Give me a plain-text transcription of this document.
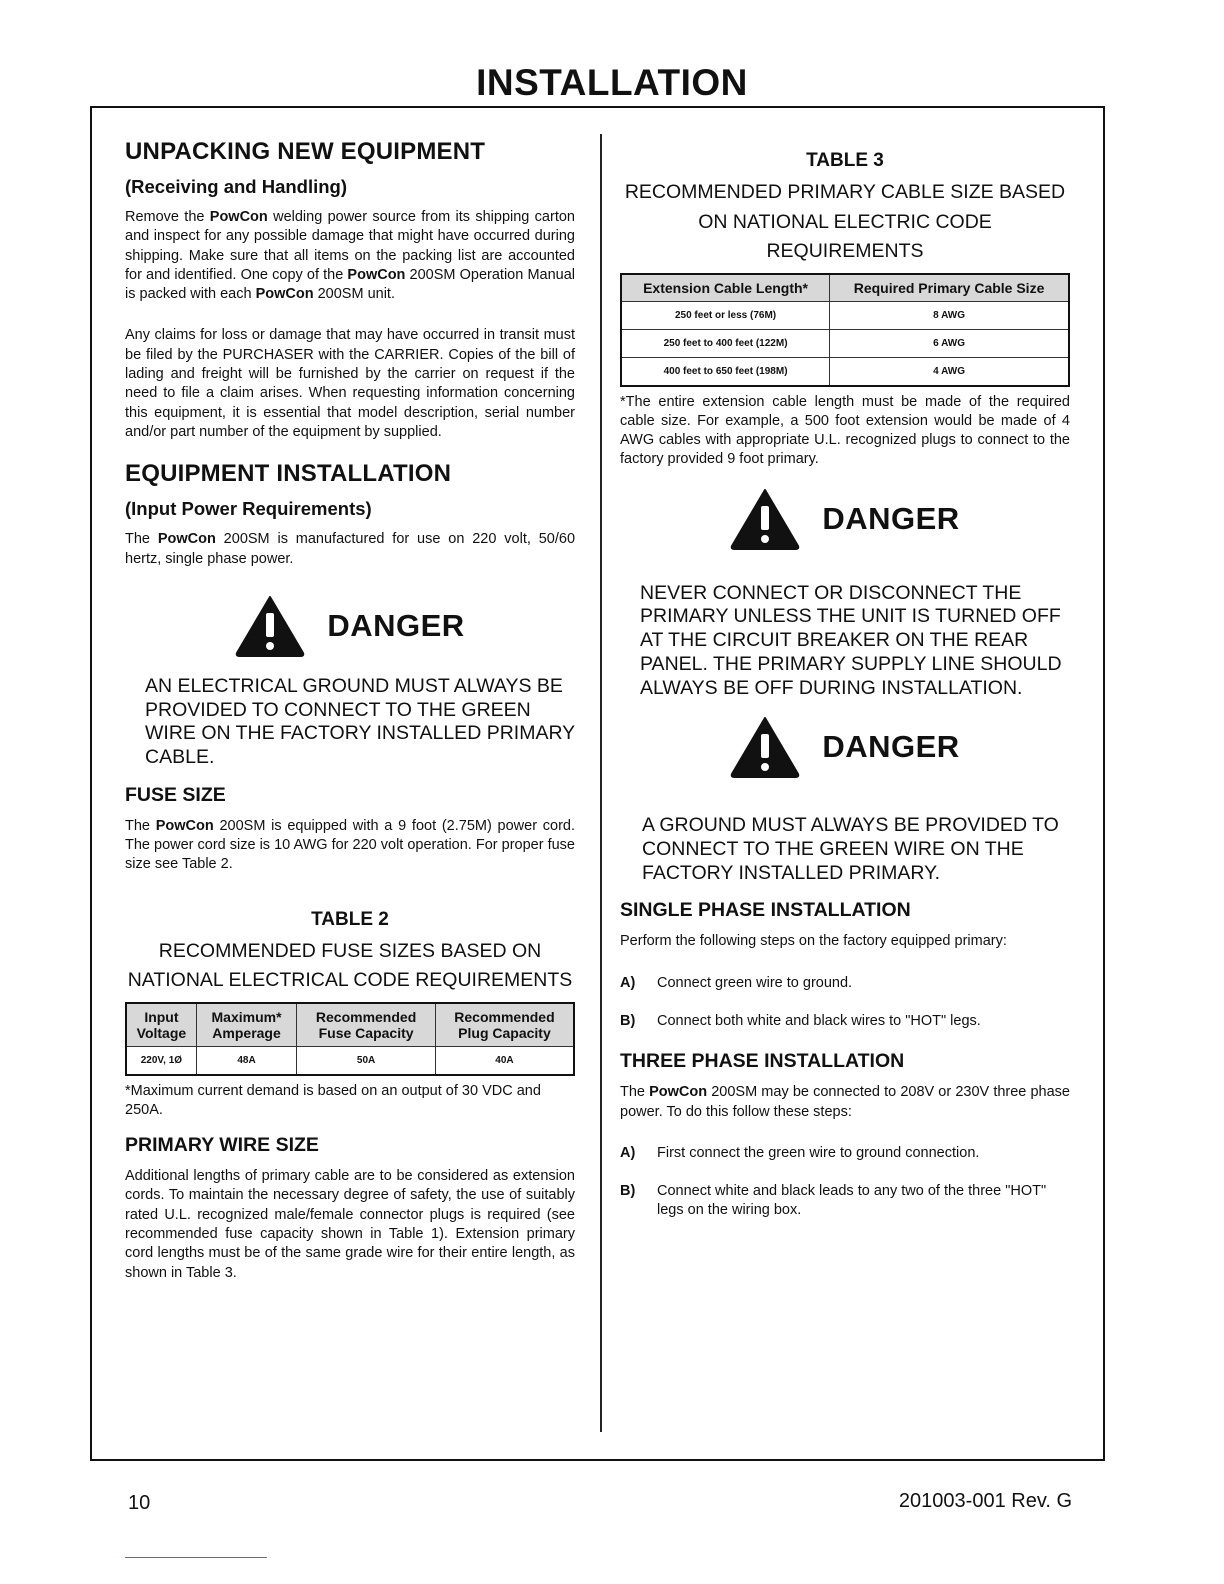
INSTALLATION
UNPACKING NEW EQUIPMENT
(Receiving and Handling)

Remove the PowCon welding power source from its shipping carton and inspect for any possible damage that might have occurred during shipping. Make sure that all items on the packing list are accounted for and identified. One copy of the PowCon 200SM Operation Manual is packed with each PowCon 200SM unit.

Any claims for loss or damage that may have occurred in transit must be filed by the PURCHASER with the CARRIER. Copies of the bill of lading and freight will be furnished by the carrier on request if the need to file a claim arises. When requesting information concerning this equipment, it is essential that model description, serial number and/or part number of the equipment by supplied.

EQUIPMENT INSTALLATION
(Input Power Requirements)

The PowCon 200SM is manufactured for use on 220 volt, 50/60 hertz, single phase power.

DANGER

AN ELECTRICAL GROUND MUST ALWAYS BE PROVIDED TO CONNECT TO THE GREEN WIRE ON THE FACTORY INSTALLED PRIMARY CABLE.

FUSE SIZE

The PowCon 200SM is equipped with a 9 foot (2.75M) power cord. The power cord size is 10 AWG for 220 volt operation. For proper fuse size see Table 2.

TABLE 2
RECOMMENDED FUSE SIZES BASED ON NATIONAL ELECTRICAL CODE REQUIREMENTS
Input Voltage	Maximum* Amperage	Recommended Fuse Capacity	Recommended Plug Capacity
220V, 1Ø	48A	50A	40A

*Maximum current demand is based on an output of 30 VDC and 250A.

PRIMARY WIRE SIZE

Additional lengths of primary cable are to be considered as extension cords. To maintain the necessary degree of safety, the use of suitably rated U.L. recognized male/female connector plugs is required (see recommended fuse capacity shown in Table 1). Extension primary cord lengths must be of the same grade wire for their entire length, as shown in Table 3.

TABLE 3
RECOMMENDED PRIMARY CABLE SIZE BASED ON NATIONAL ELECTRIC CODE REQUIREMENTS
Extension Cable Length*	Required Primary Cable Size
250 feet or less (76M)	8 AWG
250 feet to 400 feet (122M)	6 AWG
400 feet to 650 feet (198M)	4 AWG

*The entire extension cable length must be made of the required cable size. For example, a 500 foot extension would be made of 4 AWG cables with appropriate U.L. recognized plugs to connect to the factory provided 9 foot primary.

DANGER

NEVER CONNECT OR DISCONNECT THE PRIMARY UNLESS THE UNIT IS TURNED OFF AT THE CIRCUIT BREAKER ON THE REAR PANEL. THE PRIMARY SUPPLY LINE SHOULD ALWAYS BE OFF DURING INSTALLATION.

DANGER

A GROUND MUST ALWAYS BE PROVIDED TO CONNECT TO THE GREEN WIRE ON THE FACTORY INSTALLED PRIMARY.

SINGLE PHASE INSTALLATION

Perform the following steps on the factory equipped primary:

A)	Connect green wire to ground.
B)	Connect both white and black wires to "HOT" legs.
THREE PHASE INSTALLATION

The PowCon 200SM may be connected to 208V or 230V three phase power. To do this follow these steps:

A)	First connect the green wire to ground connection.
B)	Connect white and black leads to any two of the three "HOT" legs on the wiring box.
10	201003-001 Rev. G
